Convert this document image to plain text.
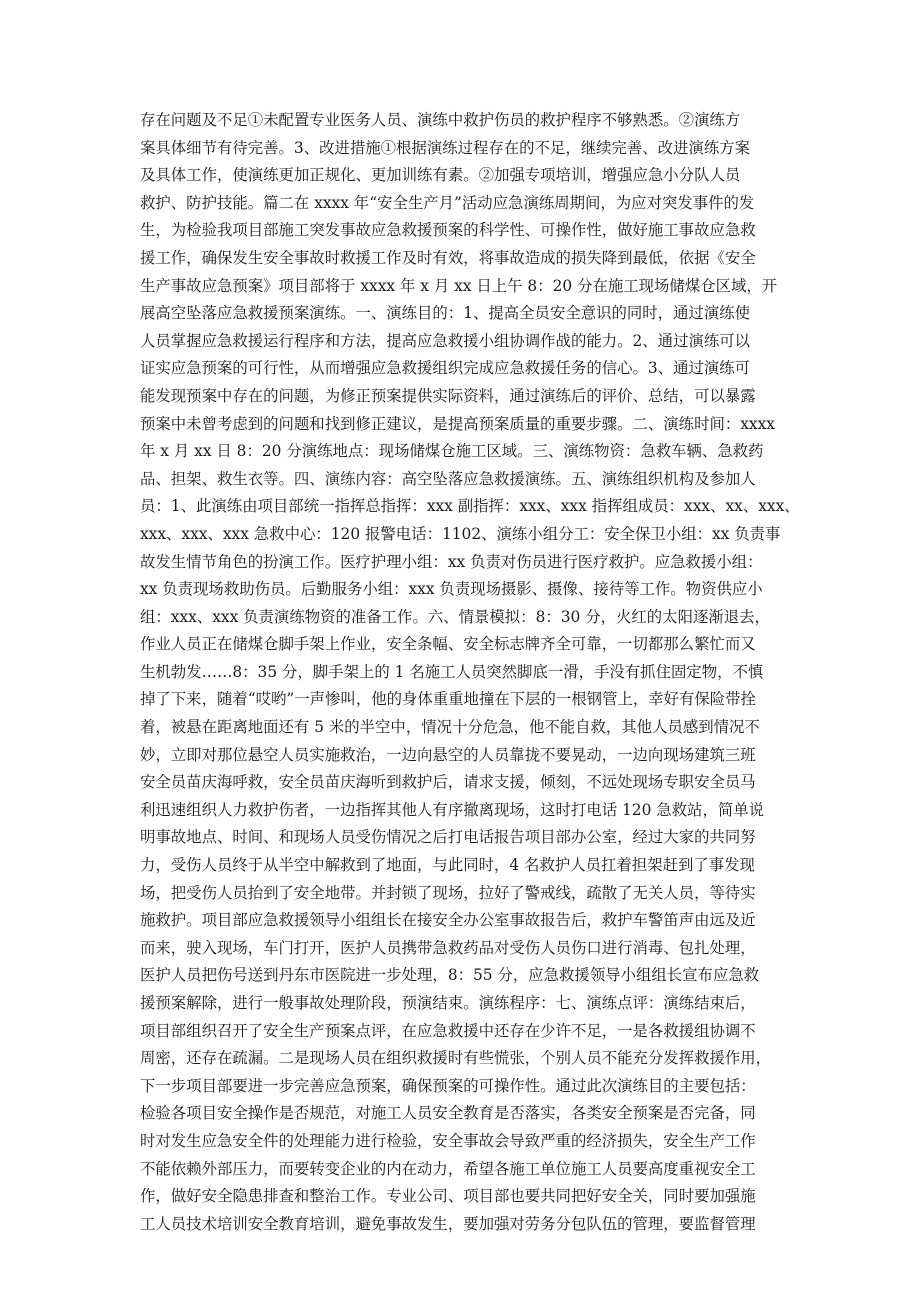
存在问题及不足①未配置专业医务人员、演练中救护伤员的救护程序不够熟悉。②演练方
案具体细节有待完善。3、改进措施①根据演练过程存在的不足，继续完善、改进演练方案
及具体工作，使演练更加正规化、更加训练有素。②加强专项培训，增强应急小分队人员
救护、防护技能。篇二在 xxxx 年“安全生产月”活动应急演练周期间，为应对突发事件的发
生，为检验我项目部施工突发事故应急救援预案的科学性、可操作性，做好施工事故应急救
援工作，确保发生安全事故时救援工作及时有效，将事故造成的损失降到最低，依据《安全
生产事故应急预案》项目部将于 xxxx 年 x 月 xx 日上午 8：20 分在施工现场储煤仓区域，开
展高空坠落应急救援预案演练。一、演练目的：1、提高全员安全意识的同时，通过演练使
人员掌握应急救援运行程序和方法，提高应急救援小组协调作战的能力。2、通过演练可以
证实应急预案的可行性，从而增强应急救援组织完成应急救援任务的信心。3、通过演练可
能发现预案中存在的问题，为修正预案提供实际资料，通过演练后的评价、总结，可以暴露
预案中未曾考虑到的问题和找到修正建议，是提高预案质量的重要步骤。二、演练时间：xxxx
年 x 月 xx 日 8：20 分演练地点：现场储煤仓施工区域。三、演练物资：急救车辆、急救药
品、担架、救生衣等。四、演练内容：高空坠落应急救援演练。五、演练组织机构及参加人
员：1、此演练由项目部统一指挥总指挥：xxx 副指挥：xxx、xxx 指挥组成员：xxx、xx、xxx、
xxx、xxx、xxx 急救中心：120 报警电话：1102、演练小组分工：安全保卫小组：xx 负责事
故发生情节角色的扮演工作。医疗护理小组：xx 负责对伤员进行医疗救护。应急救援小组：
xx 负责现场救助伤员。后勤服务小组：xxx 负责现场摄影、摄像、接待等工作。物资供应小
组：xxx、xxx 负责演练物资的准备工作。六、情景模拟：8：30 分，火红的太阳逐渐退去，
作业人员正在储煤仓脚手架上作业，安全条幅、安全标志牌齐全可靠，一切都那么繁忙而又
生机勃发……8：35 分，脚手架上的 1 名施工人员突然脚底一滑，手没有抓住固定物，不慎
掉了下来，随着“哎哟”一声惨叫，他的身体重重地撞在下层的一根钢管上，幸好有保险带拴
着，被悬在距离地面还有 5 米的半空中，情况十分危急，他不能自救，其他人员感到情况不
妙，立即对那位悬空人员实施救治，一边向悬空的人员靠拢不要晃动，一边向现场建筑三班
安全员苗庆海呼救，安全员苗庆海听到救护后，请求支援，倾刻，不远处现场专职安全员马
利迅速组织人力救护伤者，一边指挥其他人有序撤离现场，这时打电话 120 急救站，简单说
明事故地点、时间、和现场人员受伤情况之后打电话报告项目部办公室，经过大家的共同努
力，受伤人员终于从半空中解救到了地面，与此同时，4 名救护人员扛着担架赶到了事发现
场，把受伤人员抬到了安全地带。并封锁了现场，拉好了警戒线，疏散了无关人员，等待实
施救护。项目部应急救援领导小组组长在接安全办公室事故报告后，救护车警笛声由远及近
而来，驶入现场，车门打开，医护人员携带急救药品对受伤人员伤口进行消毒、包扎处理，
医护人员把伤号送到丹东市医院进一步处理，8：55 分，应急救援领导小组组长宣布应急救
援预案解除，进行一般事故处理阶段，预演结束。演练程序：七、演练点评：演练结束后，
项目部组织召开了安全生产预案点评，在应急救援中还存在少许不足，一是各救援组协调不
周密，还存在疏漏。二是现场人员在组织救援时有些慌张，个别人员不能充分发挥救援作用，
下一步项目部要进一步完善应急预案，确保预案的可操作性。通过此次演练目的主要包括：
检验各项目安全操作是否规范，对施工人员安全教育是否落实，各类安全预案是否完备，同
时对发生应急安全件的处理能力进行检验，安全事故会导致严重的经济损失，安全生产工作
不能依赖外部压力，而要转变企业的内在动力，希望各施工单位施工人员要高度重视安全工
作，做好安全隐患排查和整治工作。专业公司、项目部也要共同把好安全关，同时要加强施
工人员技术培训安全教育培训，避免事故发生，要加强对劳务分包队伍的管理，要监督管理
